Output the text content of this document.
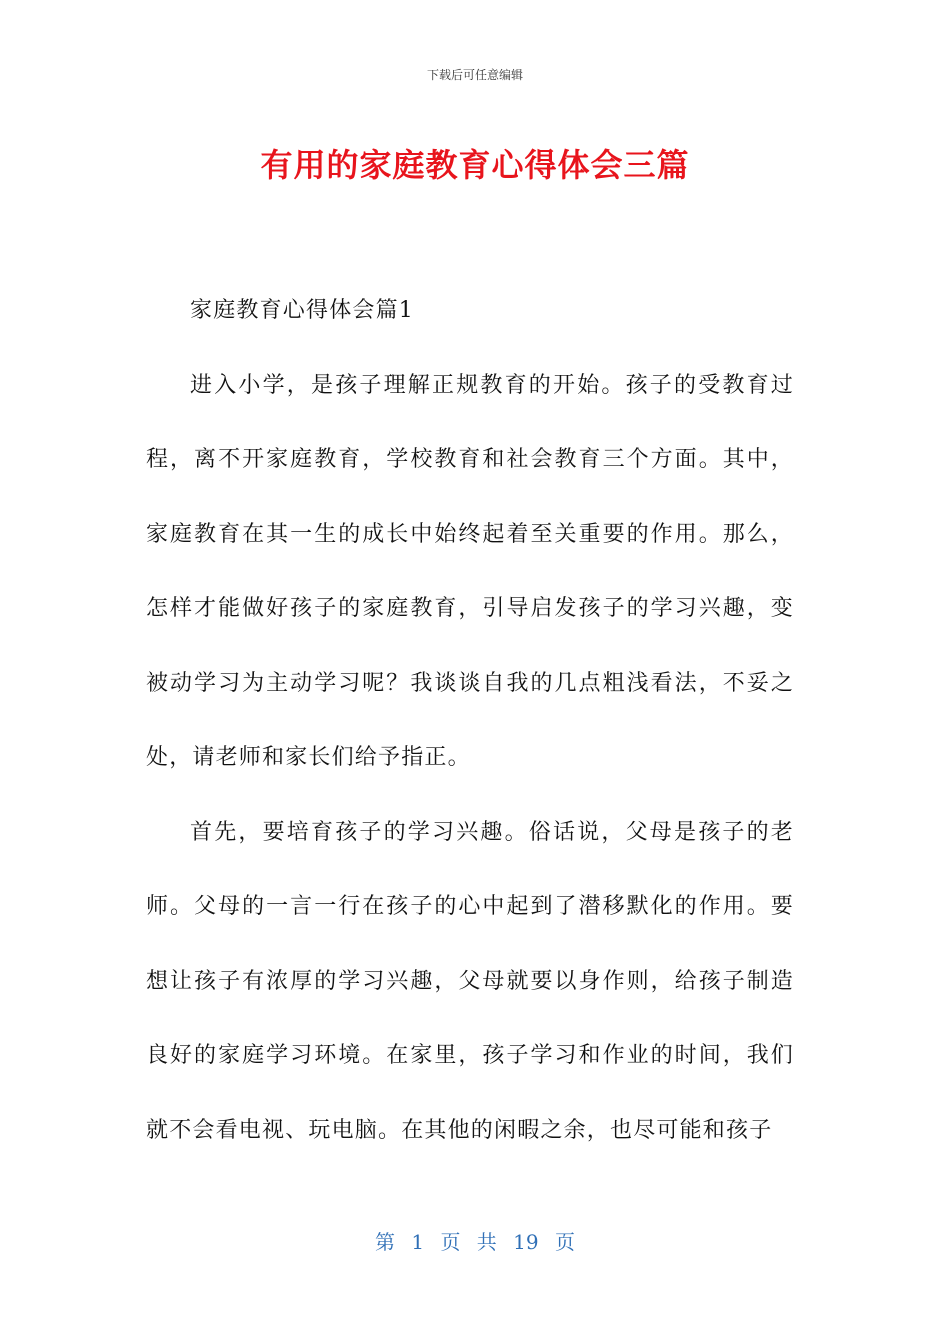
下载后可任意编辑
有用的家庭教育心得体会三篇

家庭教育心得体会篇1

进入小学，是孩子理解正规教育的开始。孩子的受教育过程，离不开家庭教育，学校教育和社会教育三个方面。其中，家庭教育在其一生的成长中始终起着至关重要的作用。那么，怎样才能做好孩子的家庭教育，引导启发孩子的学习兴趣，变被动学习为主动学习呢？我谈谈自我的几点粗浅看法，不妥之处，请老师和家长们给予指正。

首先，要培育孩子的学习兴趣。俗话说，父母是孩子的老师。父母的一言一行在孩子的心中起到了潜移默化的作用。要想让孩子有浓厚的学习兴趣，父母就要以身作则，给孩子制造良好的家庭学习环境。在家里，孩子学习和作业的时间，我们就不会看电视、玩电脑。在其他的闲暇之余，也尽可能和孩子

第 1 页 共 19 页
